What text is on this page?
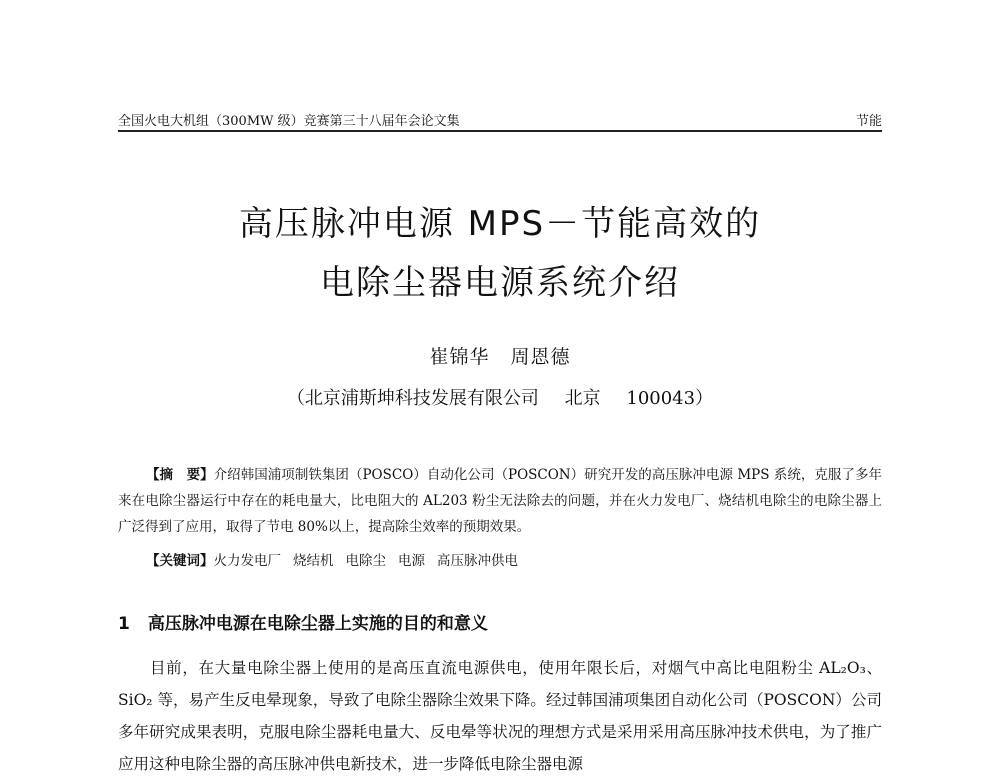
全国火电大机组（300MW 级）竞赛第三十八届年会论文集	节能
高压脉冲电源 MPS－节能高效的
电除尘器电源系统介绍
崔锦华 周恩德
（北京浦斯坤科技发展有限公司 北京 100043）
【摘　要】介绍韩国浦项制铁集团（POSCO）自动化公司（POSCON）研究开发的高压脉冲电源 MPS 系统，克服了多年来在电除尘器运行中存在的耗电量大，比电阻大的 AL203 粉尘无法除去的问题，并在火力发电厂、烧结机电除尘的电除尘器上广泛得到了应用，取得了节电 80%以上，提高除尘效率的预期效果。
【关键词】火力发电厂 烧结机 电除尘 电源 高压脉冲供电
1 高压脉冲电源在电除尘器上实施的目的和意义

目前，在大量电除尘器上使用的是高压直流电源供电，使用年限长后，对烟气中高比电阻粉尘 AL₂O₃、SiO₂ 等，易产生反电晕现象，导致了电除尘器除尘效果下降。经过韩国浦项集团自动化公司（POSCON）公司多年研究成果表明，克服电除尘器耗电量大、反电晕等状况的理想方式是采用采用高压脉冲技术供电，为了推广应用这种电除尘器的高压脉冲供电新技术，进一步降低电除尘器电源
